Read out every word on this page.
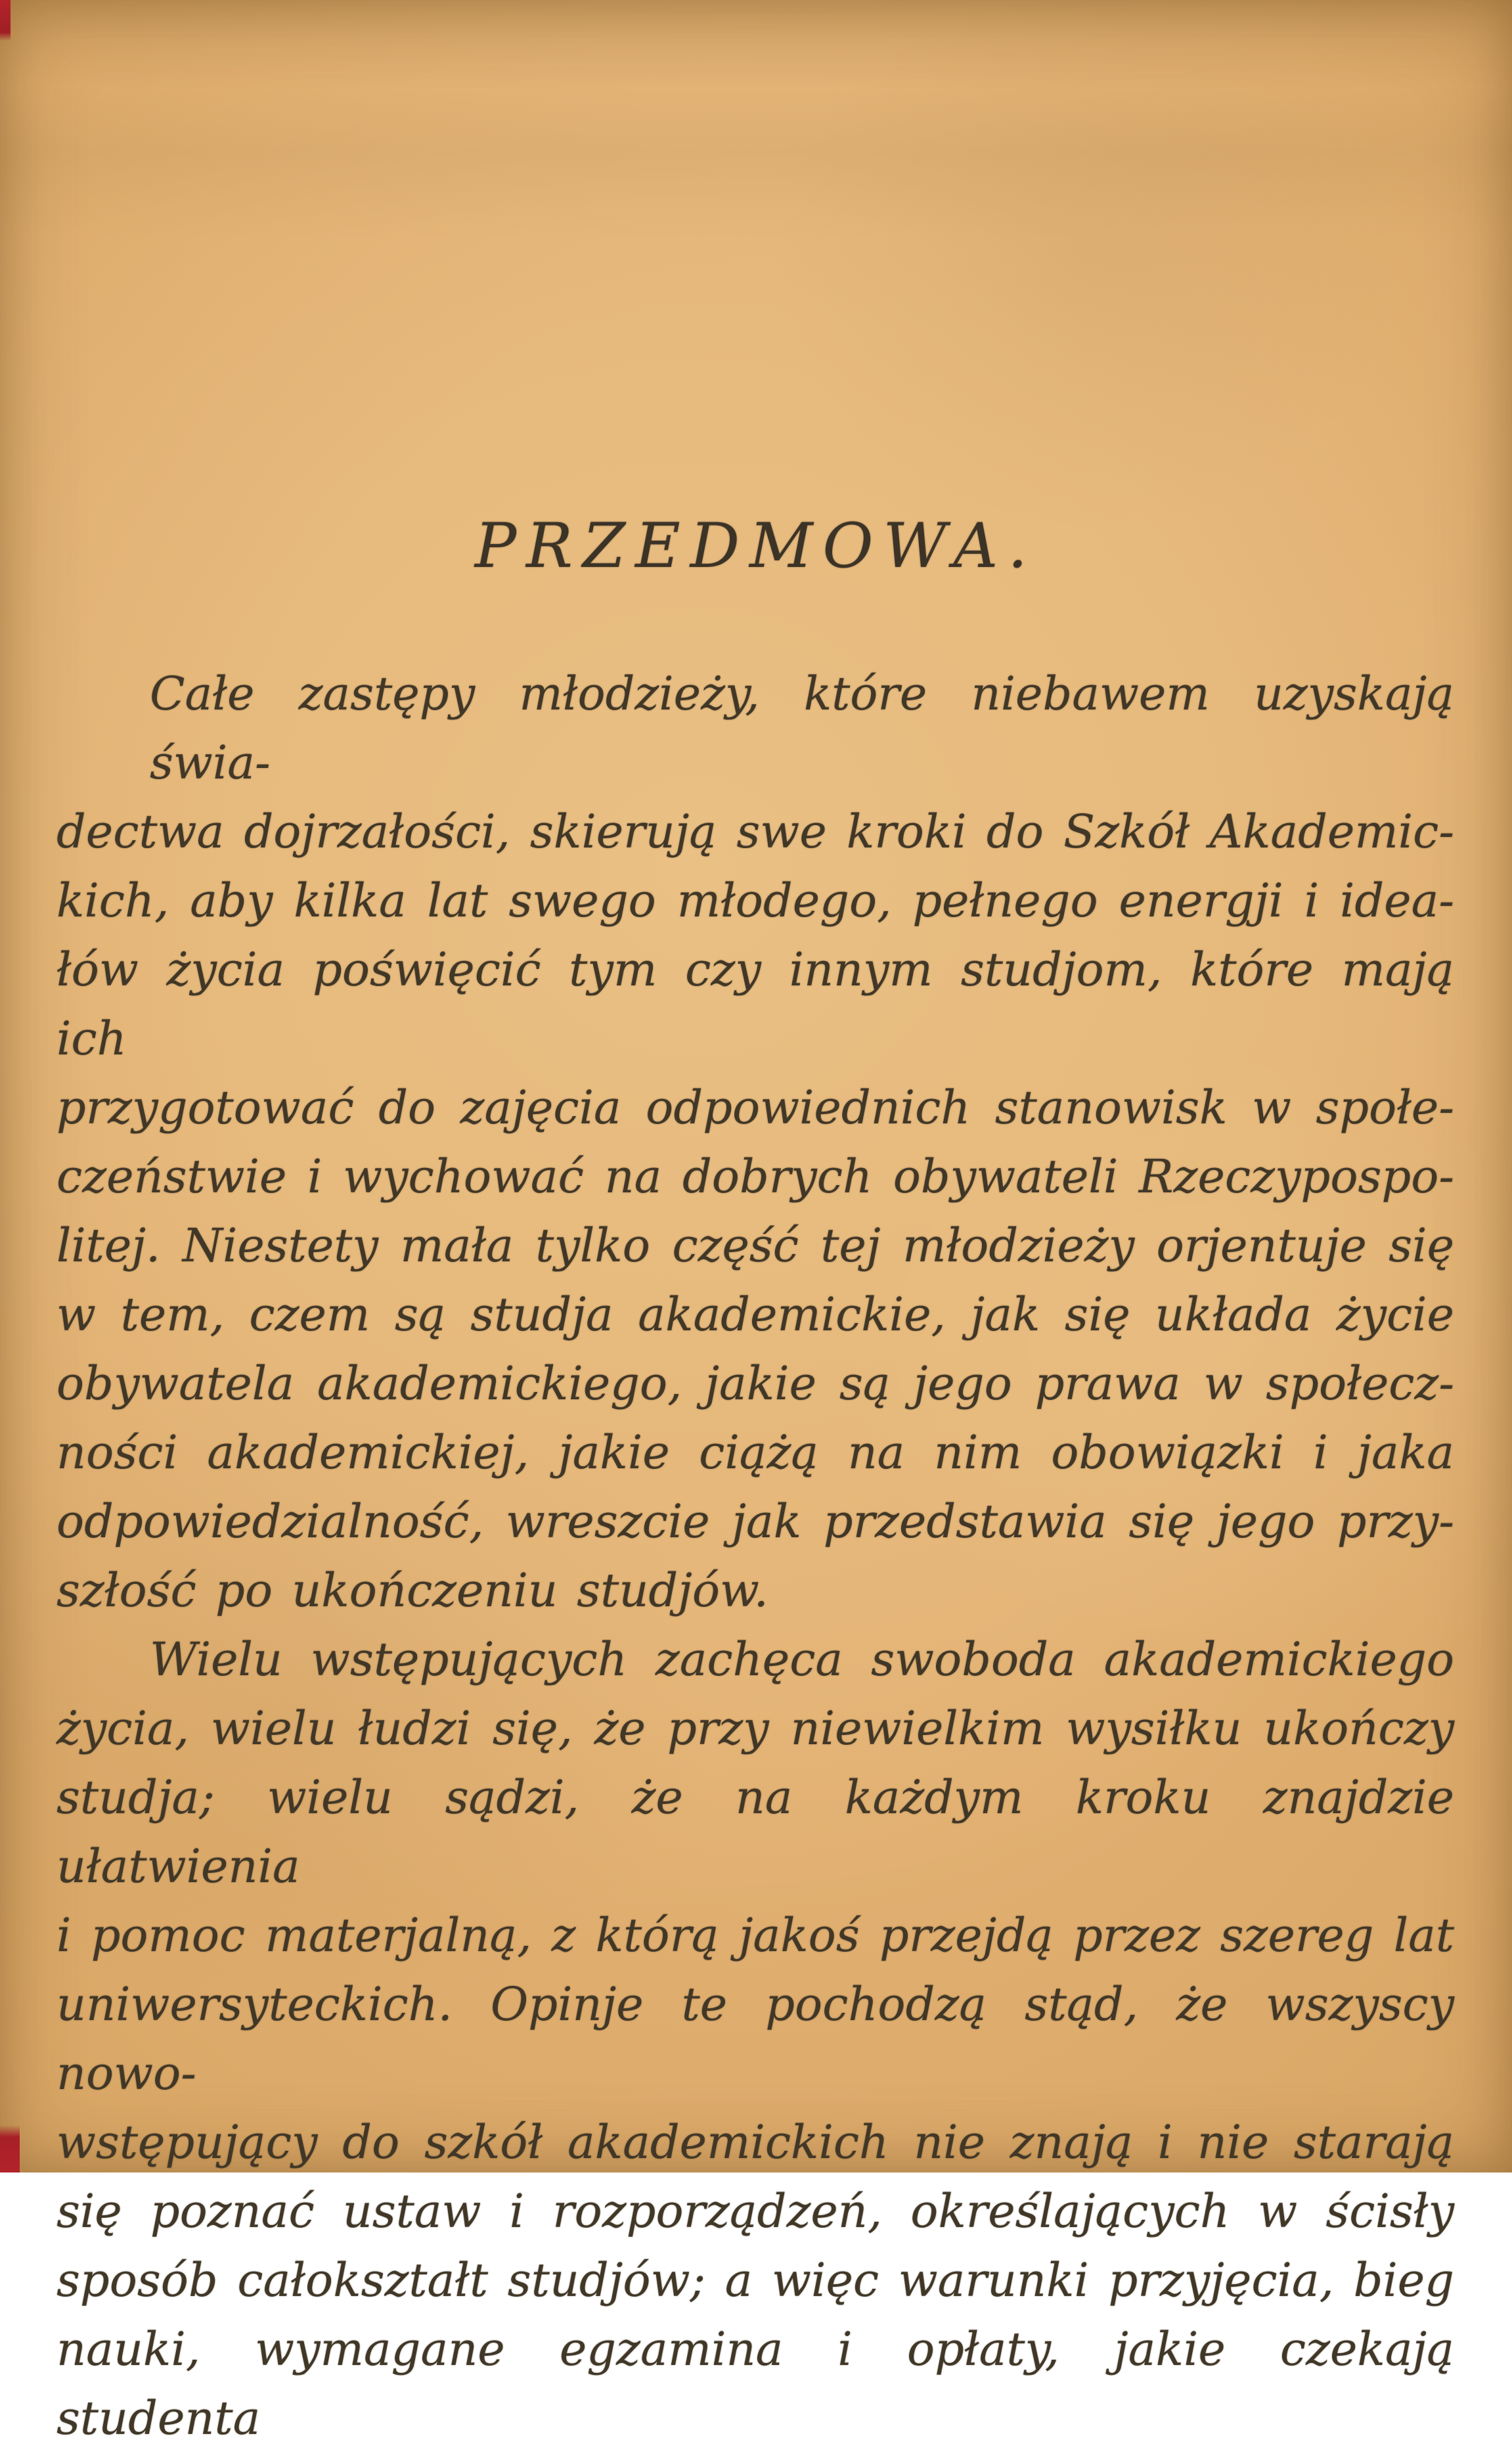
PRZEDMOWA.
Całe zastępy młodzieży, które niebawem uzyskają świa-
dectwa dojrzałości, skierują swe kroki do Szkół Akademic-
kich, aby kilka lat swego młodego, pełnego energji i idea-
łów życia poświęcić tym czy innym studjom, które mają ich
przygotować do zajęcia odpowiednich stanowisk w społe-
czeństwie i wychować na dobrych obywateli Rzeczypospo-
litej. Niestety mała tylko część tej młodzieży orjentuje się
w tem, czem są studja akademickie, jak się układa życie
obywatela akademickiego, jakie są jego prawa w społecz-
ności akademickiej, jakie ciążą na nim obowiązki i jaka
odpowiedzialność, wreszcie jak przedstawia się jego przy-
szłość po ukończeniu studjów.
Wielu wstępujących zachęca swoboda akademickiego
życia, wielu łudzi się, że przy niewielkim wysiłku ukończy
studja; wielu sądzi, że na każdym kroku znajdzie ułatwienia
i pomoc materjalną, z którą jakoś przejdą przez szereg lat
uniwersyteckich. Opinje te pochodzą stąd, że wszyscy nowo-
wstępujący do szkół akademickich nie znają i nie starają
się poznać ustaw i rozporządzeń, określających w ścisły
sposób całokształt studjów; a więc warunki przyjęcia, bieg
nauki, wymagane egzamina i opłaty, jakie czekają studenta
